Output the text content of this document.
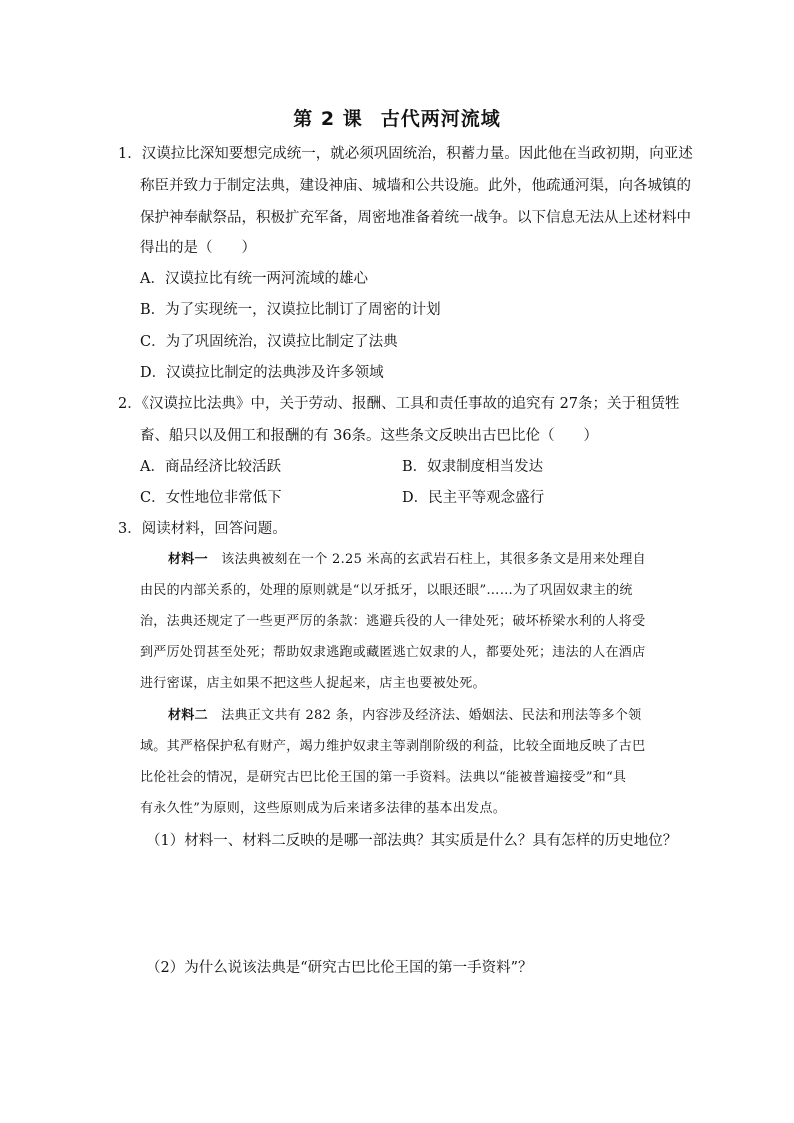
第 2 课 古代两河流域
1．汉谟拉比深知要想完成统一，就必须巩固统治，积蓄力量。因此他在当政初期，向亚述
称臣并致力于制定法典，建设神庙、城墙和公共设施。此外，他疏通河渠，向各城镇的
保护神奉献祭品，积极扩充军备，周密地准备着统一战争。以下信息无法从上述材料中
得出的是（　　）
A．汉谟拉比有统一两河流域的雄心
B．为了实现统一，汉谟拉比制订了周密的计划
C．为了巩固统治，汉谟拉比制定了法典
D．汉谟拉比制定的法典涉及许多领域
2．《汉谟拉比法典》中，关于劳动、报酬、工具和责任事故的追究有 27条；关于租赁牲
畜、船只以及佣工和报酬的有 36条。这些条文反映出古巴比伦（　　）
A．商品经济比较活跃	B．奴隶制度相当发达
C．女性地位非常低下	D．民主平等观念盛行
3．阅读材料，回答问题。
材料一　该法典被刻在一个 2.25 米高的玄武岩石柱上，其很多条文是用来处理自
由民的内部关系的，处理的原则就是“以牙抵牙，以眼还眼”……为了巩固奴隶主的统
治，法典还规定了一些更严厉的条款：逃避兵役的人一律处死；破坏桥梁水利的人将受
到严厉处罚甚至处死；帮助奴隶逃跑或藏匿逃亡奴隶的人，都要处死；违法的人在酒店
进行密谋，店主如果不把这些人捉起来，店主也要被处死。
材料二　法典正文共有 282 条，内容涉及经济法、婚姻法、民法和刑法等多个领
域。其严格保护私有财产，竭力维护奴隶主等剥削阶级的利益，比较全面地反映了古巴
比伦社会的情况，是研究古巴比伦王国的第一手资料。法典以“能被普遍接受”和“具
有永久性”为原则，这些原则成为后来诸多法律的基本出发点。
（1）材料一、材料二反映的是哪一部法典？其实质是什么？具有怎样的历史地位？
（2）为什么说该法典是“研究古巴比伦王国的第一手资料”？
